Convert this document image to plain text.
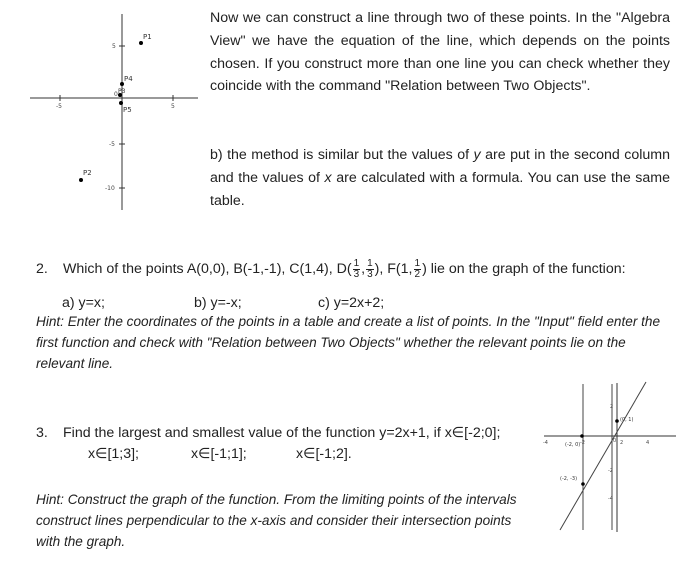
-5	5
5
-5
-10
0
P1
P2
P3
P4
P5
Now we can construct a line through two of these points. In the "Algebra View" we have the equation of the line, which depends on the points chosen. If you construct more than one line you can check whether they coincide with the command "Relation between Two Objects".
b) the method is similar but the values of y are put in the second column and the values of x are calculated with a formula. You can use the same table.
2. Which of the points A(0,0), B(-1,-1), C(1,4), $D( \frac{1}{3}$ , $\frac{1}{3}$ ), F(1, $\frac{1}{2}$ ) lie on the graph of the function:
a) y=x;	b) y=-x;	c) y=2x+2;
Hint: Enter the coordinates of the points in a table and create a list of points. In the "Input" field enter the first function and check with "Relation between Two Objects" whether the relevant points lie on the relevant line.
3. Find the largest and smallest value of the function y=2x+1, if x∈[-2;0];
x∈[1;3];	x∈[-1;1];	x∈[-1;2].
Hint: Construct the graph of the function. From the limiting points of the intervals construct lines perpendicular to the x-axis and consider their intersection points with the graph.
-4	-2	2	4
2
-2
-4
0
(0, 1)
(-2, 0)
(-2, -3)
